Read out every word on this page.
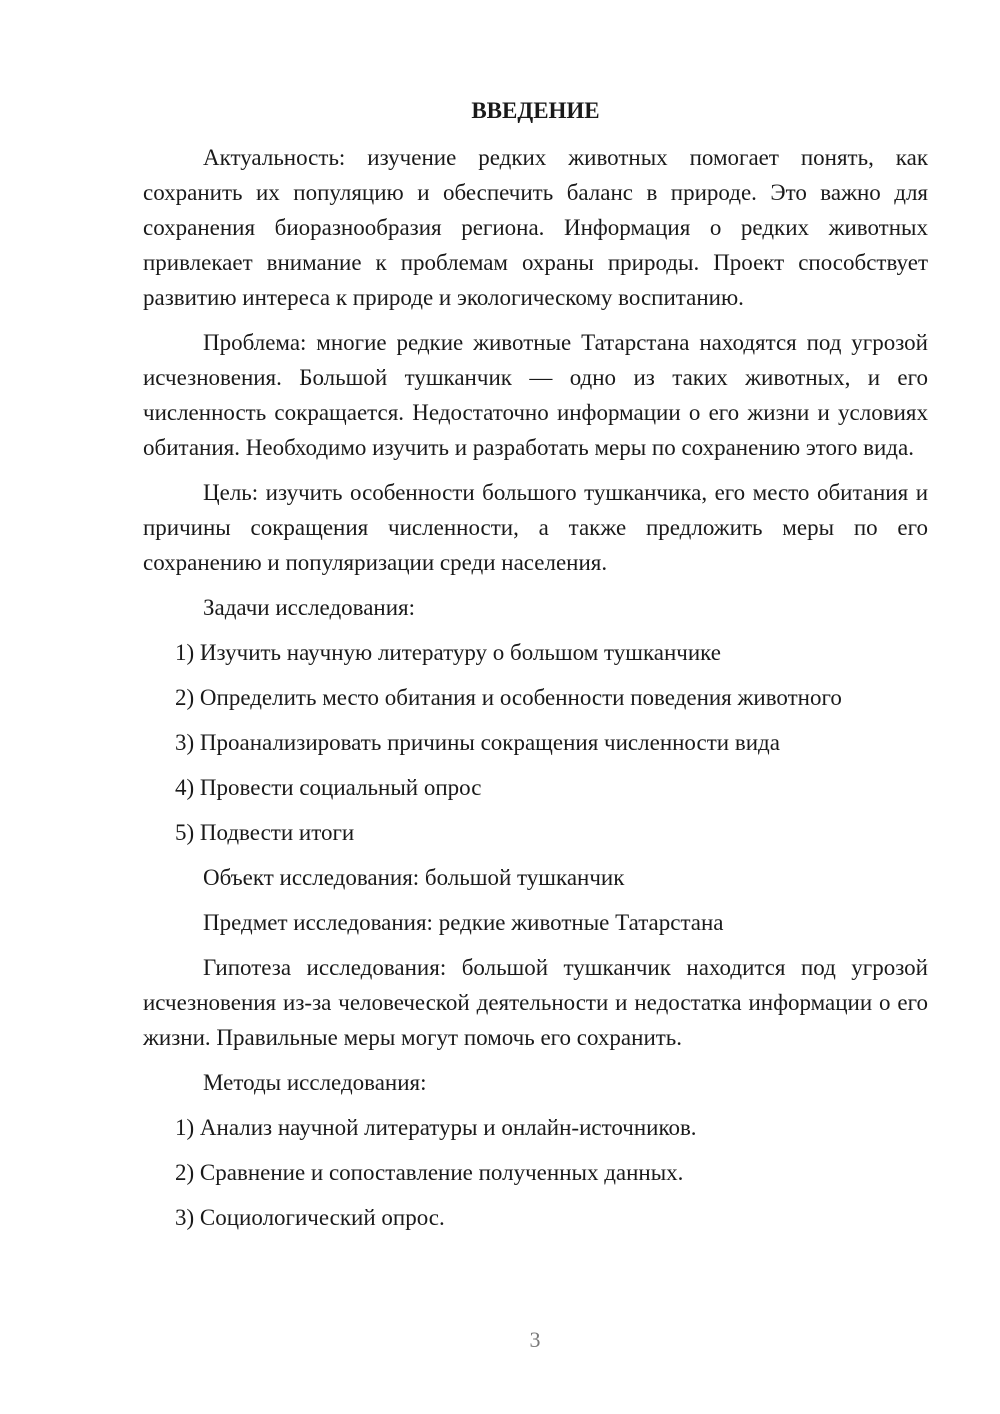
ВВЕДЕНИЕ

Актуальность: изучение редких животных помогает понять, как сохранить их популяцию и обеспечить баланс в природе. Это важно для сохранения биоразнообразия региона. Информация о редких животных привлекает внимание к проблемам охраны природы. Проект способствует развитию интереса к природе и экологическому воспитанию.

Проблема: многие редкие животные Татарстана находятся под угрозой исчезновения. Большой тушканчик — одно из таких животных, и его численность сокращается. Недостаточно информации о его жизни и условиях обитания. Необходимо изучить и разработать меры по сохранению этого вида.

Цель: изучить особенности большого тушканчика, его место обитания и причины сокращения численности, а также предложить меры по его сохранению и популяризации среди населения.

Задачи исследования:

1) Изучить научную литературу о большом тушканчике

2) Определить место обитания и особенности поведения животного

3) Проанализировать причины сокращения численности вида

4) Провести социальный опрос

5) Подвести итоги

Объект исследования: большой тушканчик

Предмет исследования: редкие животные Татарстана

Гипотеза исследования: большой тушканчик находится под угрозой исчезновения из-за человеческой деятельности и недостатка информации о его жизни. Правильные меры могут помочь его сохранить.

Методы исследования:

1) Анализ научной литературы и онлайн-источников.

2) Сравнение и сопоставление полученных данных.

3) Социологический опрос.

3
